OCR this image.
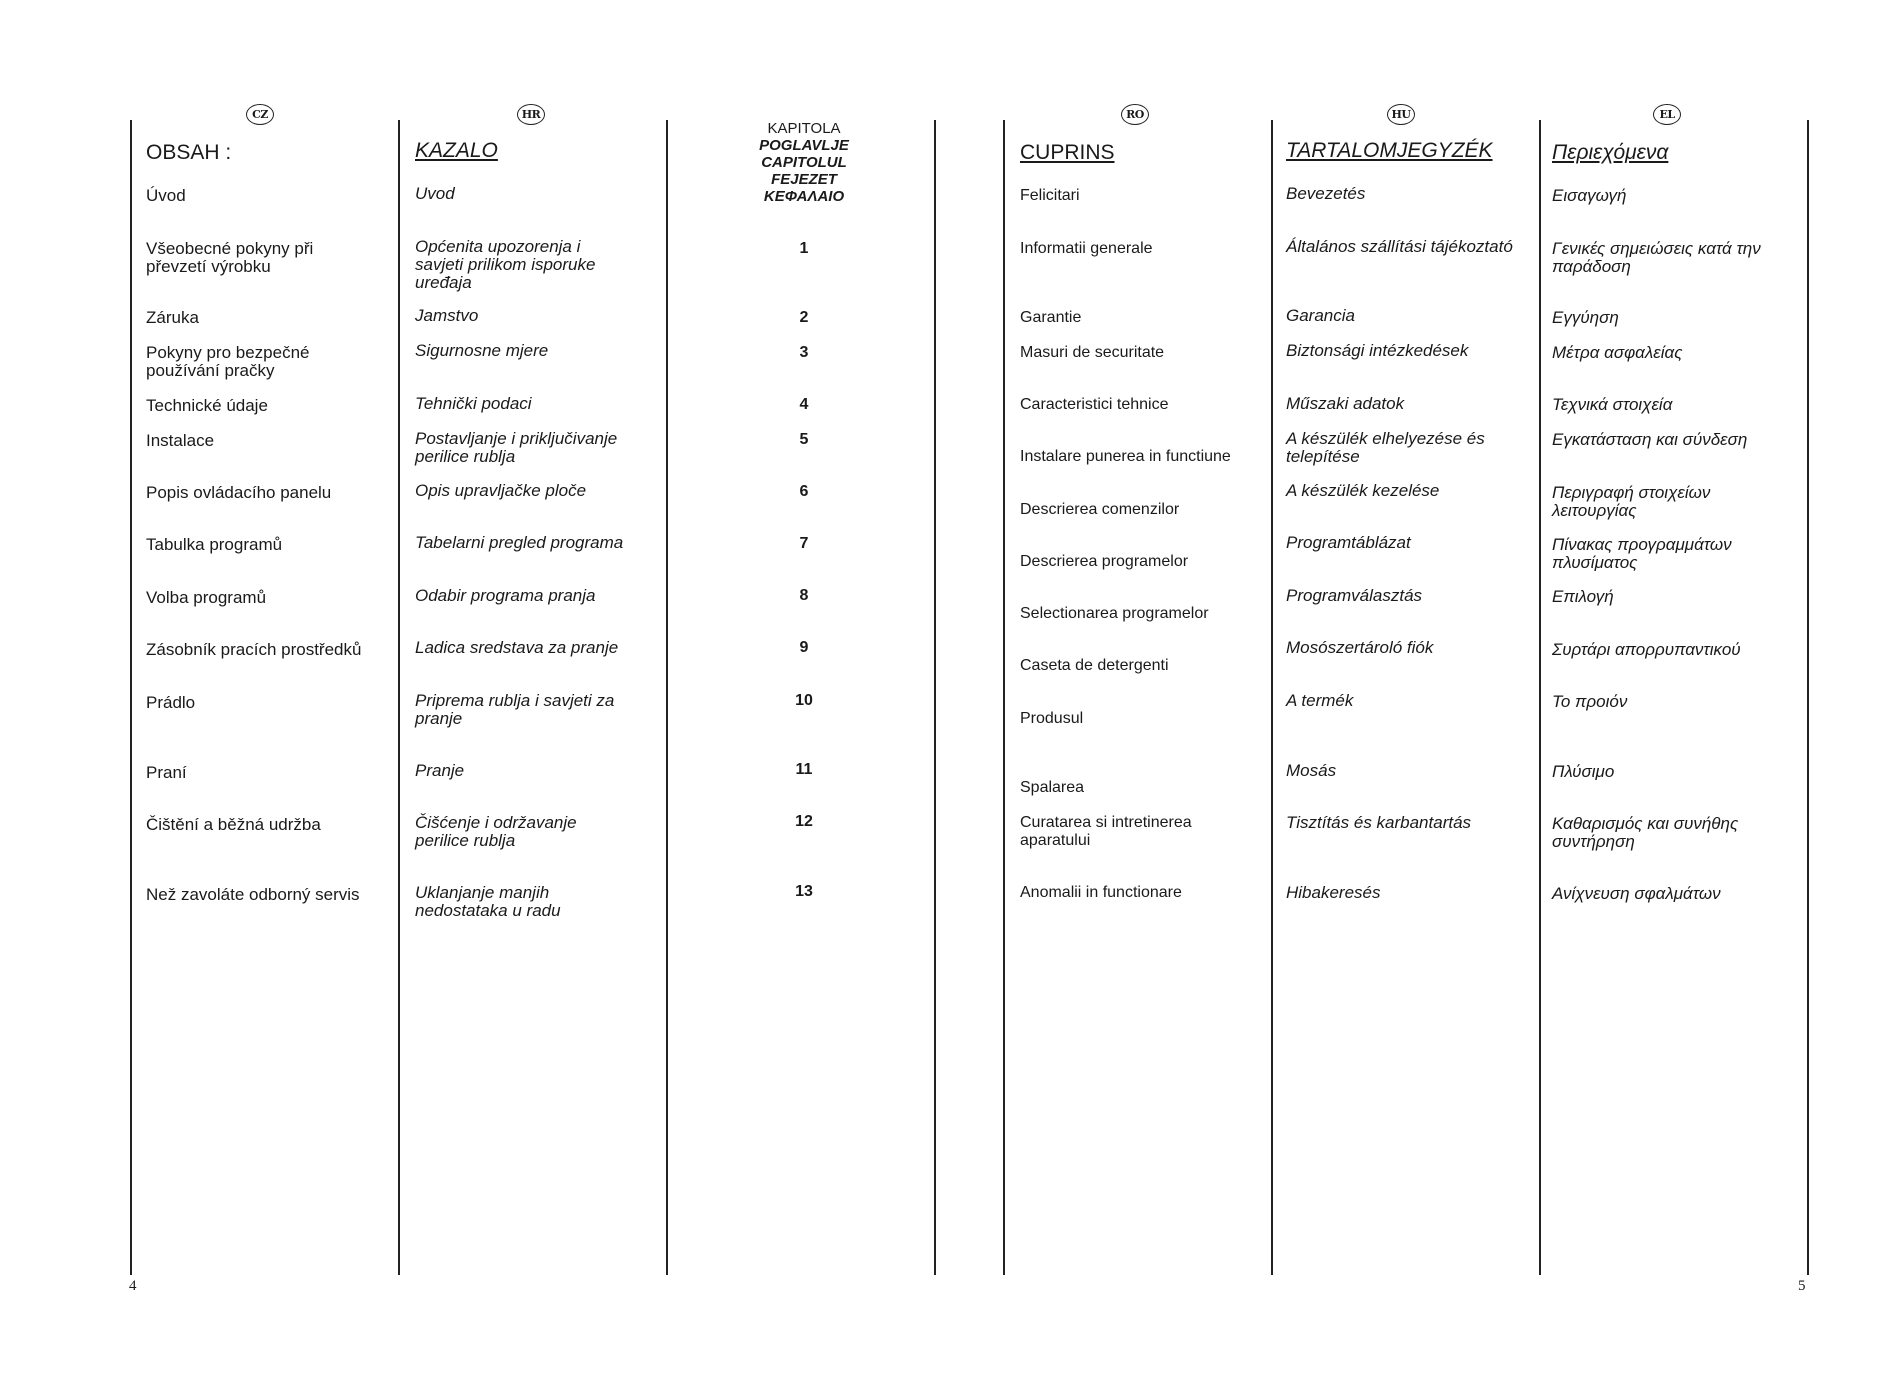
CZ
OBSAH :
Úvod
Všeobecné pokyny při převzetí výrobku
Záruka
Pokyny pro bezpečné používání pračky
Technické údaje
Instalace
Popis ovládacího panelu
Tabulka programů
Volba programů
Zásobník pracích prostředků
Prádlo
Praní
Čištění a běžná udržba
Než zavoláte odborný servis
HR
KAZALO
Uvod
Općenita upozorenja i savjeti prilikom isporuke uređaja
Jamstvo
Sigurnosne mjere
Tehnički podaci
Postavljanje i priključivanje perilice rublja
Opis upravljačke ploče
Tabelarni pregled programa
Odabir programa pranja
Ladica sredstava za pranje
Priprema rublja i savjeti za pranje
Pranje
Čišćenje i održavanje perilice rublja
Uklanjanje manjih nedostataka u radu
KAPITOLA
POGLAVLJE
CAPITOLUL
FEJEZET
ΚΕΦΑΛΑΙΟ
1
2
3
4
5
6
7
8
9
10
11
12
13
RO
CUPRINS
Felicitari
Informatii generale
Garantie
Masuri de securitate
Caracteristici tehnice
Instalare punerea in functiune
Descrierea comenzilor
Descrierea programelor
Selectionarea programelor
Caseta de detergenti
Produsul
Spalarea
Curatarea si intretinerea aparatului
Anomalii in functionare
HU
TARTALOMJEGYZÉK
Bevezetés
Általános szállítási tájékoztató
Garancia
Biztonsági intézkedések
Műszaki adatok
A készülék elhelyezése és telepítése
A készülék kezelése
Programtáblázat
Programválasztás
Mosószertároló fiók
A termék
Mosás
Tisztítás és karbantartás
Hibakeresés
EL
Περιεχόμενα
Εισαγωγή
Γενικές σημειώσεις κατά την παράδοση
Εγγύηση
Μέτρα ασφαλείας
Τεχνικά στοιχεία
Εγκατάσταση και σύνδεση
Περιγραφή στοιχείων λειτουργίας
Πίνακας προγραμμάτων πλυσίματος
Επιλογή
Συρτάρι απορρυπαντικού
Το προιόν
Πλύσιμο
Καθαρισμός και συνήθης συντήρηση
Ανίχνευση σφαλμάτων
4	5
